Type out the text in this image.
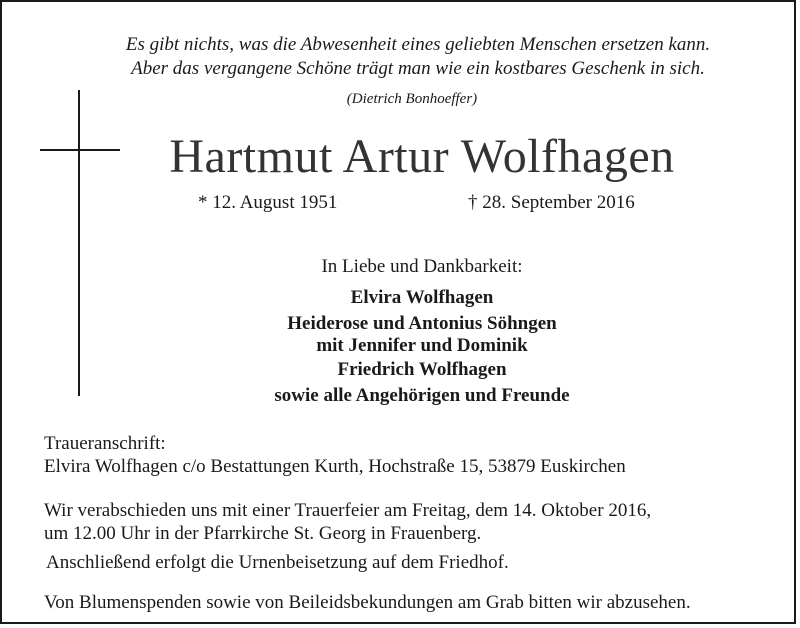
Es gibt nichts, was die Abwesenheit eines geliebten Menschen ersetzen kann.
Aber das vergangene Schöne trägt man wie ein kostbares Geschenk in sich.
(Dietrich Bonhoeffer)
Hartmut Artur Wolfhagen
* 12. August 1951	† 28. September 2016
In Liebe und Dankbarkeit:
Elvira Wolfhagen
Heiderose und Antonius Söhngen
mit Jennifer und Dominik
Friedrich Wolfhagen
sowie alle Angehörigen und Freunde
Traueranschrift:
Elvira Wolfhagen c/o Bestattungen Kurth, Hochstraße 15, 53879 Euskirchen
Wir verabschieden uns mit einer Trauerfeier am Freitag, dem 14. Oktober 2016,
um 12.00 Uhr in der Pfarrkirche St. Georg in Frauenberg.
Anschließend erfolgt die Urnenbeisetzung auf dem Friedhof.
Von Blumenspenden sowie von Beileidsbekundungen am Grab bitten wir abzusehen.
